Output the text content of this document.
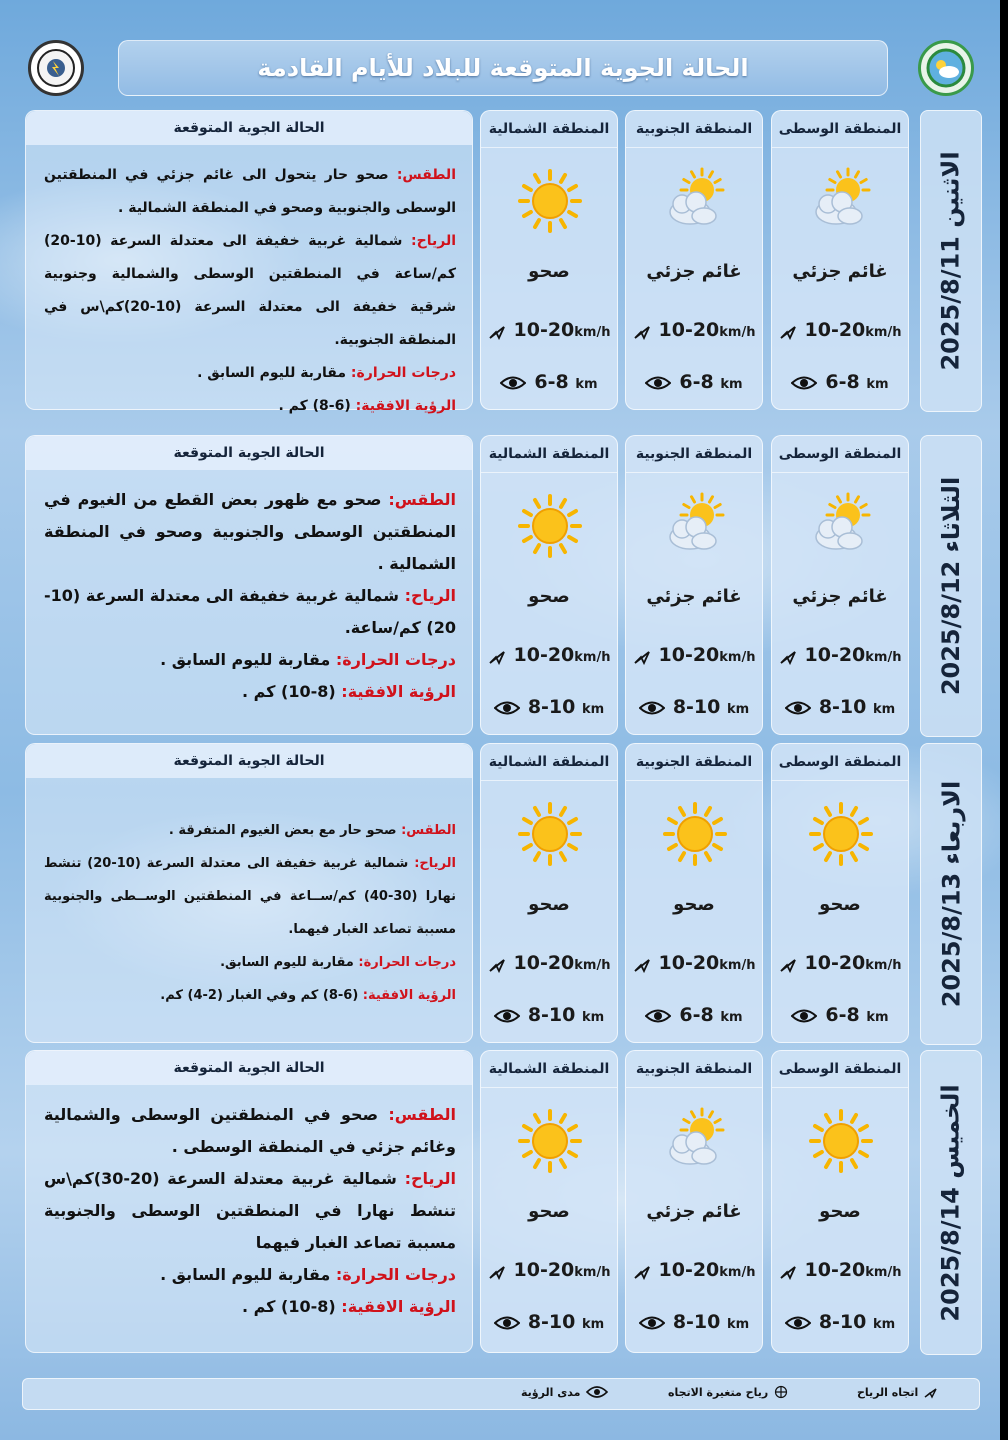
الحالة الجوية المتوقعة للبلاد للأيام القادمة
الاثنين 2025/8/11
المنطقة الوسطى
غائم جزئي
10-20km/h
6-8 km
المنطقة الجنوبية
غائم جزئي
10-20km/h
6-8 km
المنطقة الشمالية
صحو
10-20km/h
6-8 km
الحالة الجوية المتوقعة

الطقس: صحو حار يتحول الى غائم جزئي في المنطقتين الوسطى والجنوبية وصحو في المنطقة الشمالية .

الرياح: شمالية غربية خفيفة الى معتدلة السرعة (10-20) كم/ساعة في المنطقتين الوسطى والشمالية وجنوبية شرقية خفيفة الى معتدلة السرعة (10-20)كم\س في المنطقة الجنوبية.

درجات الحرارة: مقاربة لليوم السابق .

الرؤية الافقية: (6-8) كم .

الثلاثاء 2025/8/12
المنطقة الوسطى
غائم جزئي
10-20km/h
8-10 km
المنطقة الجنوبية
غائم جزئي
10-20km/h
8-10 km
المنطقة الشمالية
صحو
10-20km/h
8-10 km
الحالة الجوية المتوقعة

الطقس: صحو مع ظهور بعض القطع من الغيوم في المنطقتين الوسطى والجنوبية وصحو في المنطقة الشمالية .

الرياح: شمالية غربية خفيفة الى معتدلة السرعة (10-20) كم/ساعة.

درجات الحرارة: مقاربة لليوم السابق .

الرؤية الافقية: (8-10) كم .

الاربعاء 2025/8/13
المنطقة الوسطى
صحو
10-20km/h
6-8 km
المنطقة الجنوبية
صحو
10-20km/h
6-8 km
المنطقة الشمالية
صحو
10-20km/h
8-10 km
الحالة الجوية المتوقعة

الطقس: صحو حار مع بعض الغيوم المتفرقة .

الرياح: شمالية غربية خفيفة الى معتدلة السرعة (10-20) تنشط نهارا (30-40) كم/ســاعة في المنطقتين الوســطى والجنوبية مسببة تصاعد الغبار فيهما.

درجات الحرارة: مقاربة لليوم السابق.

الرؤية الافقية: (6-8) كم وفي الغبار (2-4) كم.

الخميس 2025/8/14
المنطقة الوسطى
صحو
10-20km/h
8-10 km
المنطقة الجنوبية
غائم جزئي
10-20km/h
8-10 km
المنطقة الشمالية
صحو
10-20km/h
8-10 km
الحالة الجوية المتوقعة

الطقس: صحو في المنطقتين الوسطى والشمالية وغائم جزئي في المنطقة الوسطى .

الرياح: شمالية غربية معتدلة السرعة (20-30)كم\س تنشط نهارا في المنطقتين الوسطى والجنوبية مسببة تصاعد الغبار فيهما

درجات الحرارة: مقاربة لليوم السابق .

الرؤية الافقية: (8-10) كم .

اتجاه الرياح
رياح متغيرة الاتجاه
مدى الرؤية
